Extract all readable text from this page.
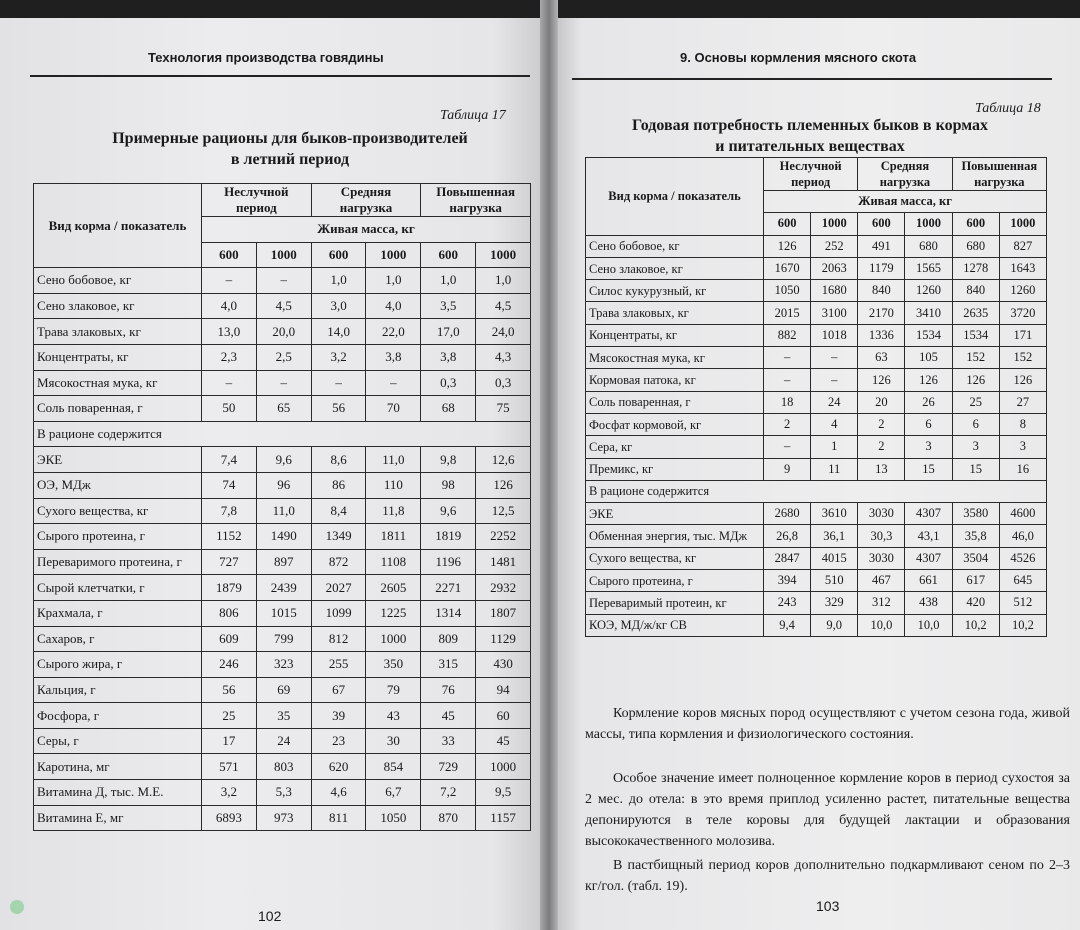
Технология производства говядины
Таблица 17
Примерные рационы для быков-производителей
в летний период
Вид корма / показатель	Неслучной период		Средняя нагрузка		Повышенная нагрузка	
	Живая масса, кг					
	600	1000	600	1000	600	1000
Сено бобовое, кг	–	–	1,0	1,0	1,0	1,0
Сено злаковое, кг	4,0	4,5	3,0	4,0	3,5	4,5
Трава злаковых, кг	13,0	20,0	14,0	22,0	17,0	24,0
Концентраты, кг	2,3	2,5	3,2	3,8	3,8	4,3
Мясокостная мука, кг	–	–	–	–	0,3	0,3
Соль поваренная, г	50	65	56	70	68	75
В рационе содержится						
ЭКЕ	7,4	9,6	8,6	11,0	9,8	12,6
ОЭ, МДж	74	96	86	110	98	126
Сухого вещества, кг	7,8	11,0	8,4	11,8	9,6	12,5
Сырого протеина, г	1152	1490	1349	1811	1819	2252
Переваримого протеина, г	727	897	872	1108	1196	1481
Сырой клетчатки, г	1879	2439	2027	2605	2271	2932
Крахмала, г	806	1015	1099	1225	1314	1807
Сахаров, г	609	799	812	1000	809	1129
Сырого жира, г	246	323	255	350	315	430
Кальция, г	56	69	67	79	76	94
Фосфора, г	25	35	39	43	45	60
Серы, г	17	24	23	30	33	45
Каротина, мг	571	803	620	854	729	1000
Витамина Д, тыс. М.Е.	3,2	5,3	4,6	6,7	7,2	9,5
Витамина Е, мг	6893	973	811	1050	870	1157
102
9. Основы кормления мясного скота
Таблица 18
Годовая потребность племенных быков в кормах
и питательных веществах
Кормление коров мясных пород осуществляют с учетом сезона года, живой массы, типа кормления и физиологического состояния.
Особое значение имеет полноценное кормление коров в период сухостоя за 2 мес. до отела: в это время приплод усиленно растет, питательные вещества депонируются в теле коровы для будущей лактации и образования высококачественного молозива.
В пастбищный период коров дополнительно подкармливают сеном по 2–3 кг/гол. (табл. 19).
103
Вид корма / показатель	Неслучной период		Средняя нагрузка		Повышенная нагрузка	
	Живая масса, кг					
	600	1000	600	1000	600	1000
Сено бобовое, кг	126	252	491	680	680	827
Сено злаковое, кг	1670	2063	1179	1565	1278	1643
Силос кукурузный, кг	1050	1680	840	1260	840	1260
Трава злаковых, кг	2015	3100	2170	3410	2635	3720
Концентраты, кг	882	1018	1336	1534	1534	171
Мясокостная мука, кг	–	–	63	105	152	152
Кормовая патока, кг	–	–	126	126	126	126
Соль поваренная, г	18	24	20	26	25	27
Фосфат кормовой, кг	2	4	2	6	6	8
Сера, кг	–	1	2	3	3	3
Премикс, кг	9	11	13	15	15	16
В рационе содержится						
ЭКЕ	2680	3610	3030	4307	3580	4600
Обменная энергия, тыс. МДж	26,8	36,1	30,3	43,1	35,8	46,0
Сухого вещества, кг	2847	4015	3030	4307	3504	4526
Сырого протеина, г	394	510	467	661	617	645
Переваримый протеин, кг	243	329	312	438	420	512
КОЭ, МД/ж/кг СВ	9,4	9,0	10,0	10,0	10,2	10,2
